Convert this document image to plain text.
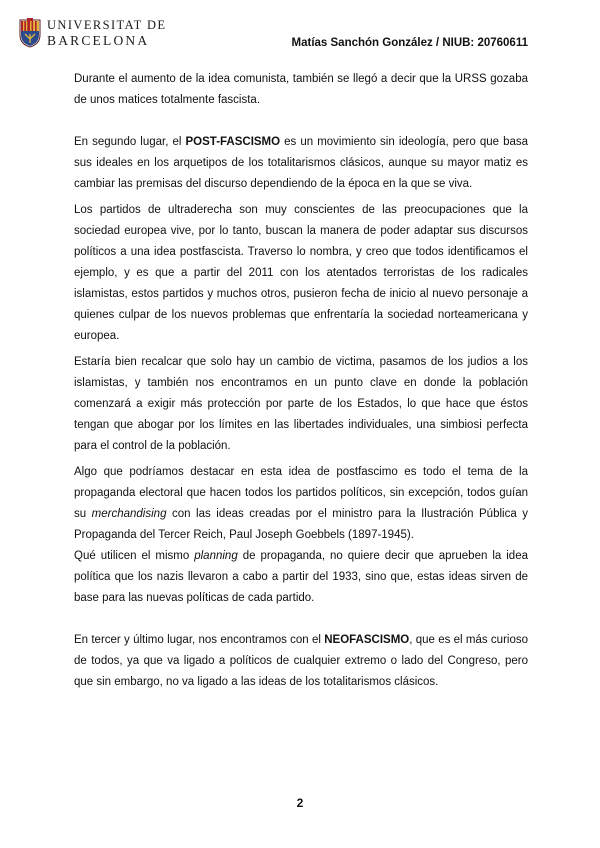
UNIVERSITAT DE
BARCELONA	Matías Sanchón González / NIUB: 20760611

Durante el aumento de la idea comunista, también se llegó a decir que la URSS gozaba de unos matices totalmente fascista.

En segundo lugar, el POST-FASCISMO es un movimiento sin ideología, pero que basa sus ideales en los arquetipos de los totalitarismos clásicos, aunque su mayor matiz es cambiar las premisas del discurso dependiendo de la época en la que se viva.

Los partidos de ultraderecha son muy conscientes de las preocupaciones que la sociedad europea vive, por lo tanto, buscan la manera de poder adaptar sus discursos políticos a una idea postfascista. Traverso lo nombra, y creo que todos identificamos el ejemplo, y es que a partir del 2011 con los atentados terroristas de los radicales islamistas, estos partidos y muchos otros, pusieron fecha de inicio al nuevo personaje a quienes culpar de los nuevos problemas que enfrentaría la sociedad norteamericana y europea.

Estaría bien recalcar que solo hay un cambio de victima, pasamos de los judios a los islamistas, y también nos encontramos en un punto clave en donde la población comenzará a exigir más protección por parte de los Estados, lo que hace que éstos tengan que abogar por los límites en las libertades individuales, una simbiosi perfecta para el control de la población.

Algo que podríamos destacar en esta idea de postfascimo es todo el tema de la propaganda electoral que hacen todos los partidos políticos, sin excepción, todos guían su merchandising con las ideas creadas por el ministro para la Ilustración Pública y Propaganda del Tercer Reich, Paul Joseph Goebbels (1897-1945).

Qué utilicen el mismo planning de propaganda, no quiere decir que aprueben la idea política que los nazis llevaron a cabo a partir del 1933, sino que, estas ideas sirven de base para las nuevas políticas de cada partido.

En tercer y último lugar, nos encontramos con el NEOFASCISMO, que es el más curioso de todos, ya que va ligado a políticos de cualquier extremo o lado del Congreso, pero que sin embargo, no va ligado a las ideas de los totalitarismos clásicos.

2
